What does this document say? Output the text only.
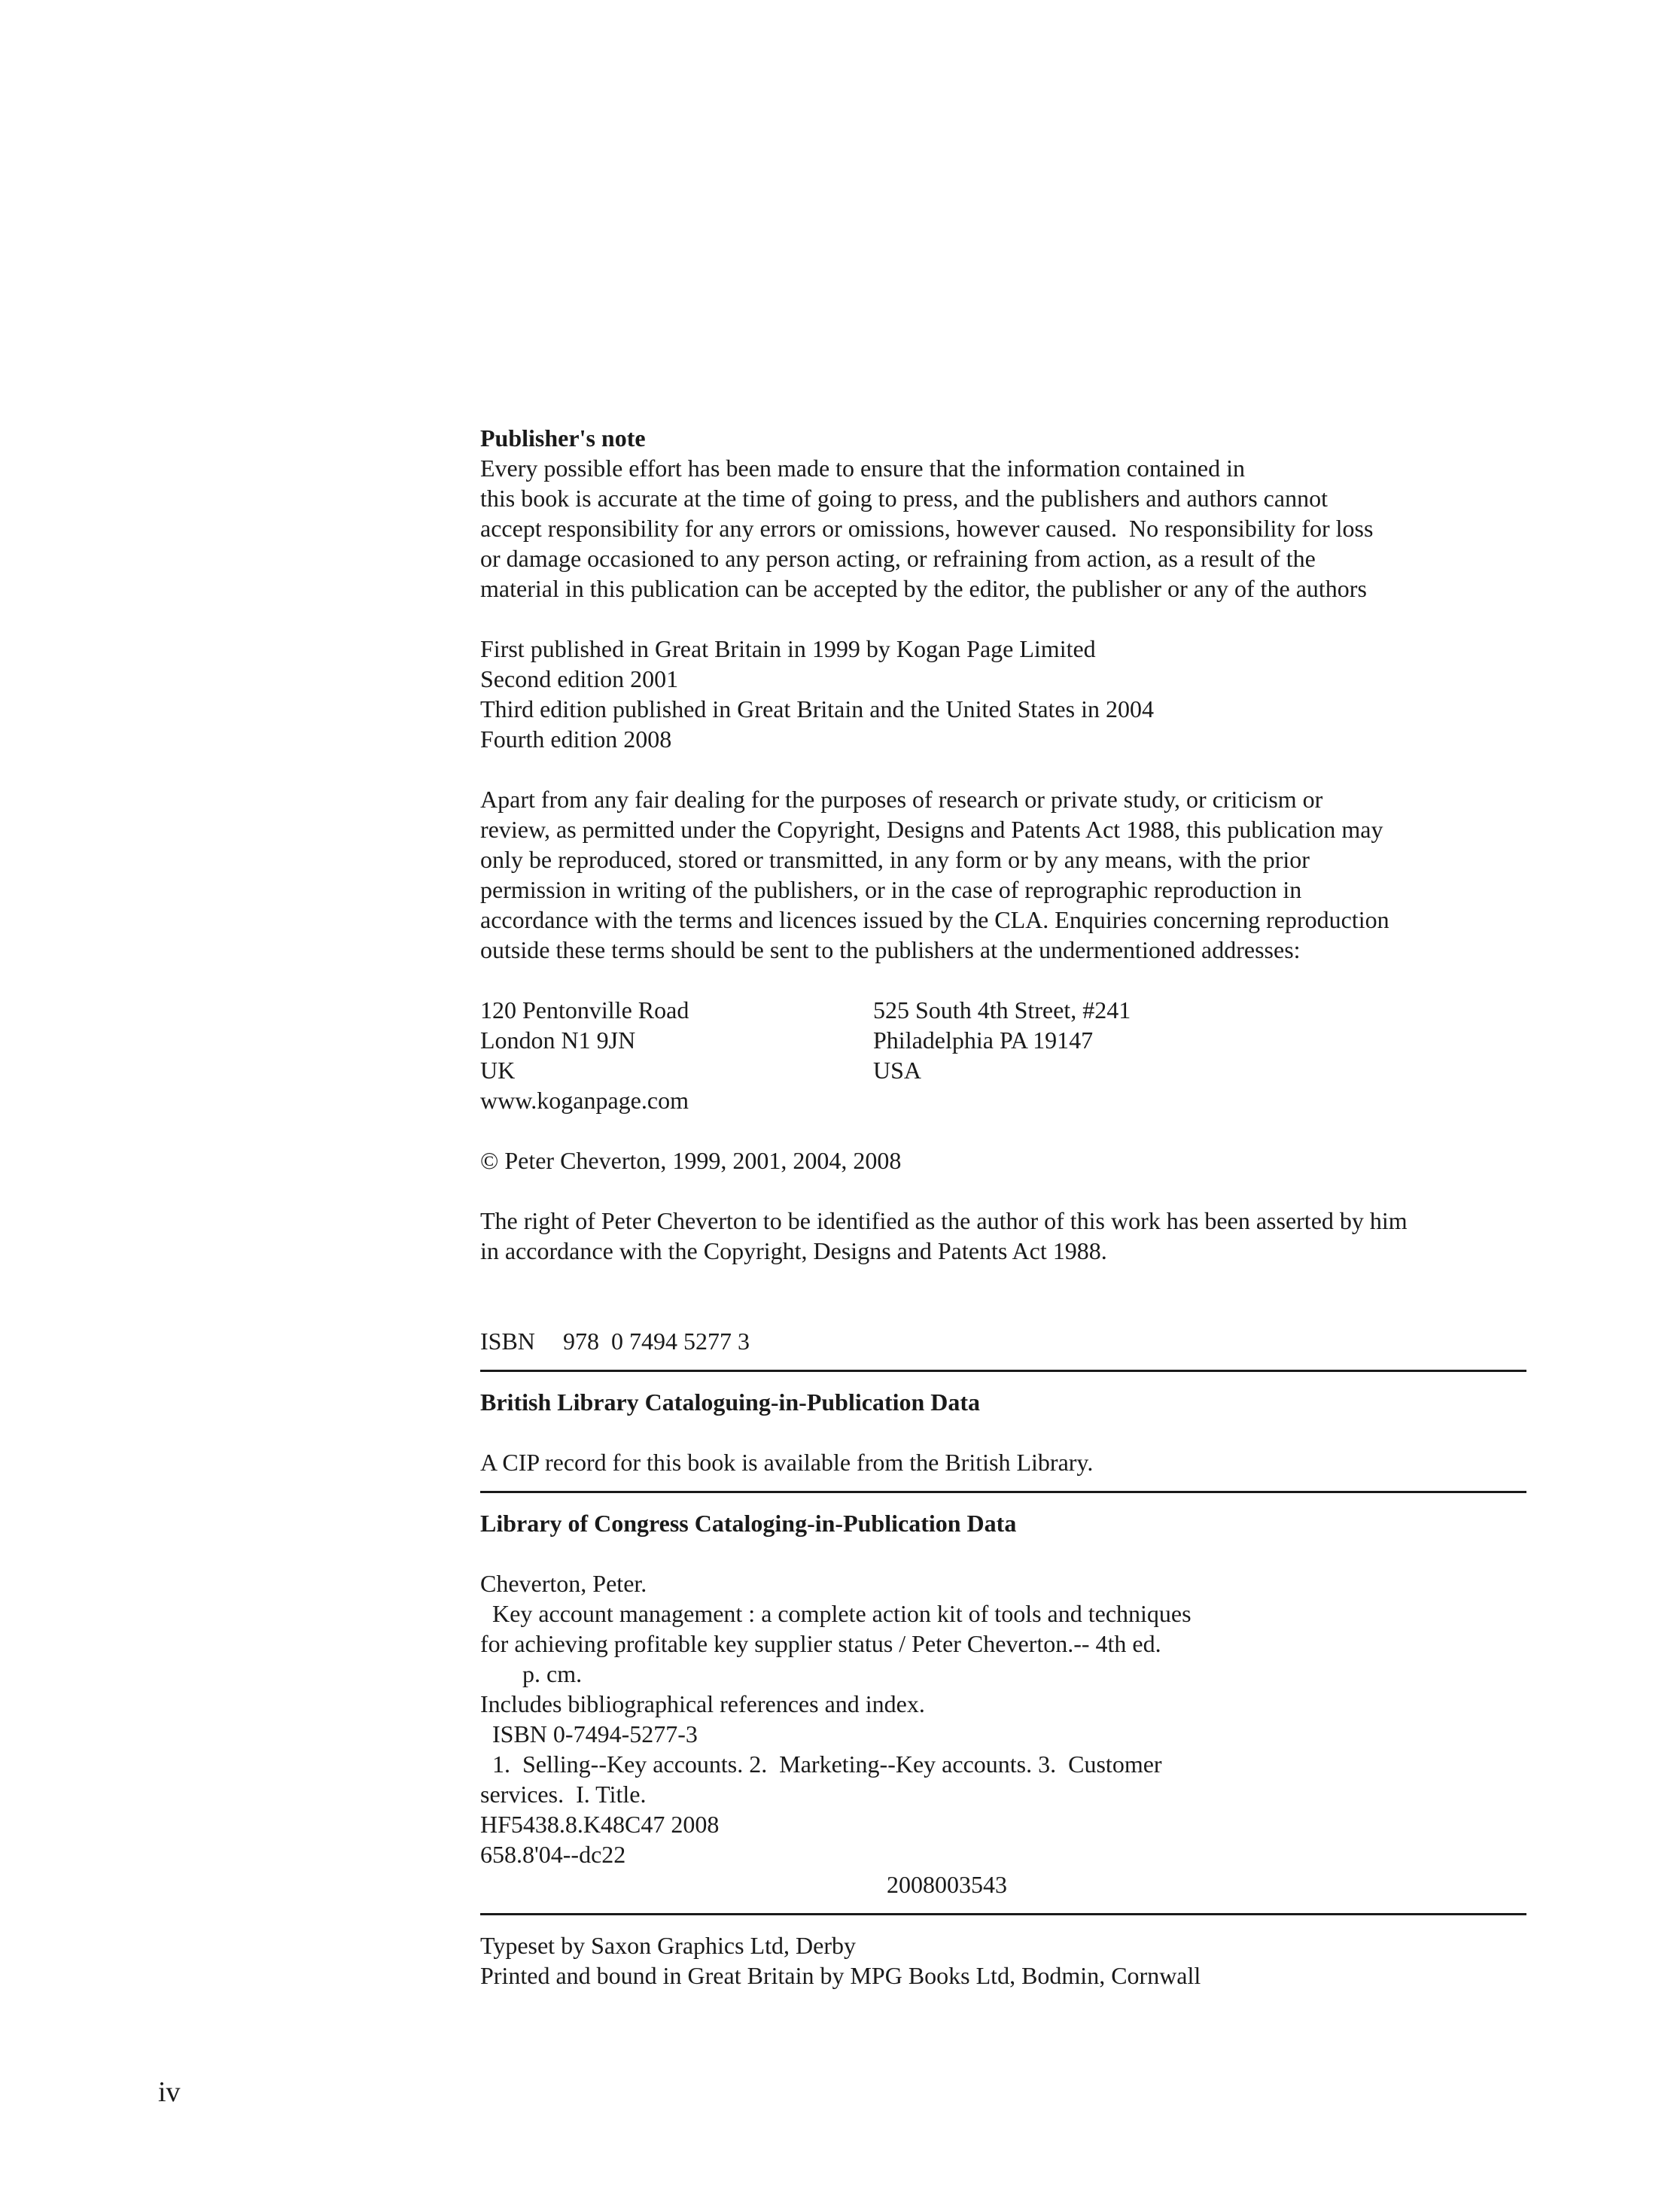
Publisher's note
Every possible effort has been made to ensure that the information contained in
this book is accurate at the time of going to press, and the publishers and authors cannot
accept responsibility for any errors or omissions, however caused.  No responsibility for loss
or damage occasioned to any person acting, or refraining from action, as a result of the
material in this publication can be accepted by the editor, the publisher or any of the authors
First published in Great Britain in 1999 by Kogan Page Limited
Second edition 2001
Third edition published in Great Britain and the United States in 2004
Fourth edition 2008
Apart from any fair dealing for the purposes of research or private study, or criticism or
review, as permitted under the Copyright, Designs and Patents Act 1988, this publication may
only be reproduced, stored or transmitted, in any form or by any means, with the prior
permission in writing of the publishers, or in the case of reprographic reproduction in
accordance with the terms and licences issued by the CLA. Enquiries concerning reproduction
outside these terms should be sent to the publishers at the undermentioned addresses:
120 Pentonville Road
London N1 9JN
UK
www.koganpage.com
525 South 4th Street, #241
Philadelphia PA 19147
USA
© Peter Cheverton, 1999, 2001, 2004, 2008
The right of Peter Cheverton to be identified as the author of this work has been asserted by him
in accordance with the Copyright, Designs and Patents Act 1988.
ISBN	978  0 7494 5277 3
British Library Cataloguing-in-Publication Data
A CIP record for this book is available from the British Library.
Library of Congress Cataloging-in-Publication Data
Cheverton, Peter.
Key account management : a complete action kit of tools and techniques
for achieving profitable key supplier status / Peter Cheverton.-- 4th ed.
p. cm.
Includes bibliographical references and index.
ISBN 0-7494-5277-3
1.  Selling--Key accounts. 2.  Marketing--Key accounts. 3.  Customer
services.  I. Title.
HF5438.8.K48C47 2008
658.8'04--dc22
2008003543
Typeset by Saxon Graphics Ltd, Derby
Printed and bound in Great Britain by MPG Books Ltd, Bodmin, Cornwall
iv
